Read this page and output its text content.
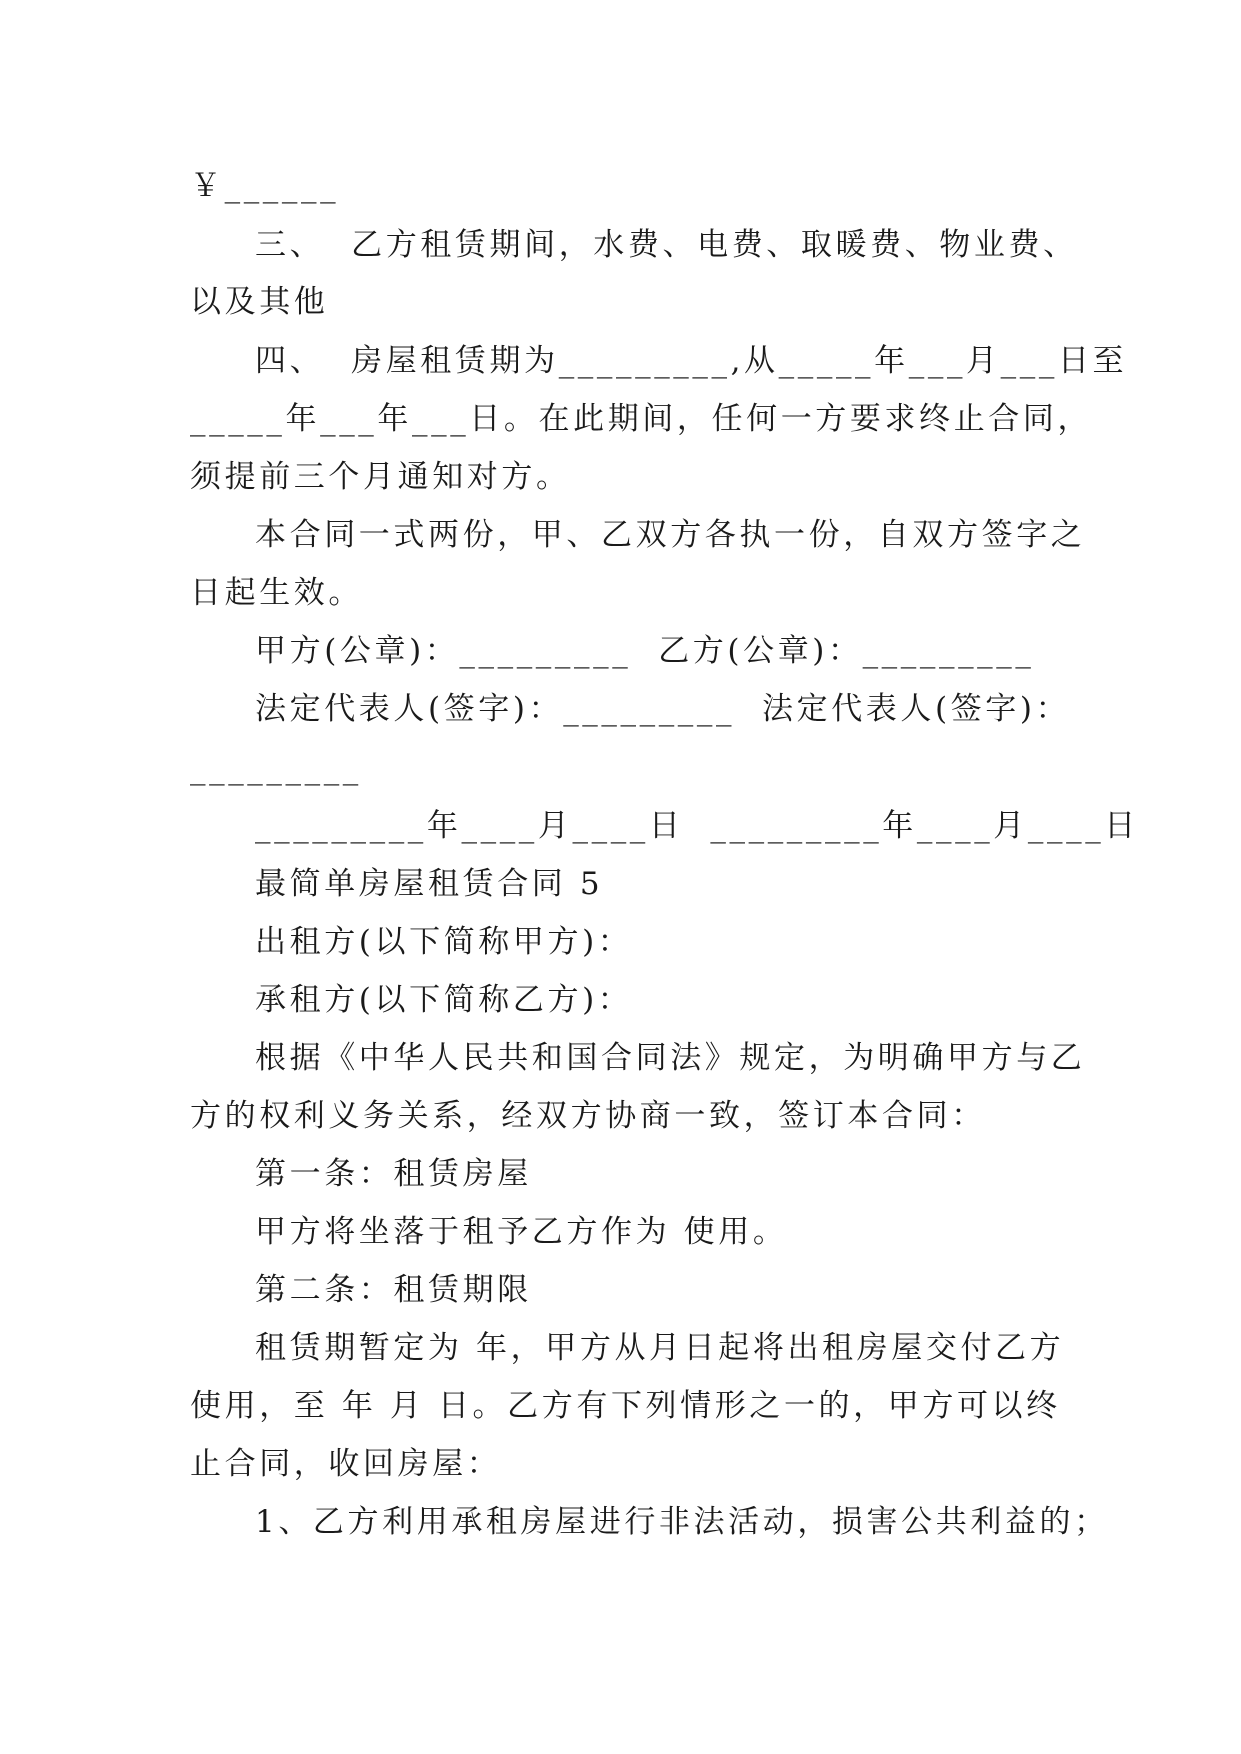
￥______
三、  乙方租赁期间，水费、电费、取暖费、物业费、
以及其他
四、  房屋租赁期为_________,从_____年___月___日至
_____年___年___日。在此期间，任何一方要求终止合同，
须提前三个月通知对方。
本合同一式两份，甲、乙双方各执一份，自双方签字之
日起生效。
甲方(公章)：_________  乙方(公章)：_________
法定代表人(签字)：_________  法定代表人(签字)：
_________
_________年____月____日  _________年____月____日
最简单房屋租赁合同 5
出租方(以下简称甲方)：
承租方(以下简称乙方)：
根据《中华人民共和国合同法》规定，为明确甲方与乙
方的权利义务关系，经双方协商一致，签订本合同：
第一条：租赁房屋
甲方将坐落于租予乙方作为 使用。
第二条：租赁期限
租赁期暂定为 年，甲方从月日起将出租房屋交付乙方
使用，至 年 月 日。乙方有下列情形之一的，甲方可以终
止合同，收回房屋：
1、乙方利用承租房屋进行非法活动，损害公共利益的；
